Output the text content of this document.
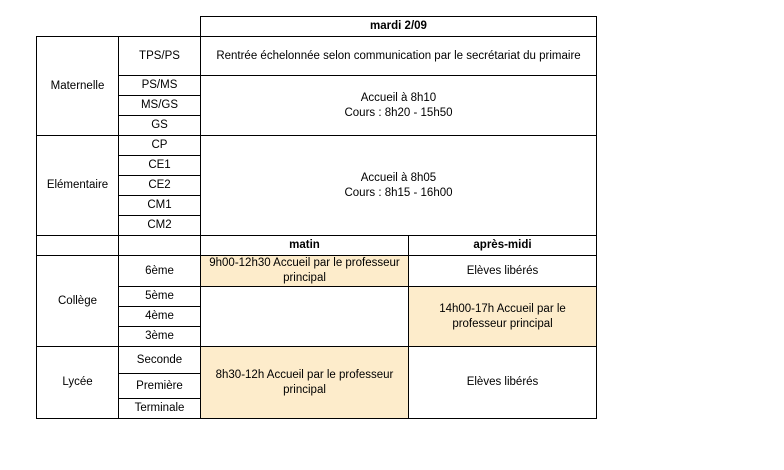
		mardi 2/09	
Maternelle	TPS/PS	Rentrée échelonnée selon communication par le secrétariat du primaire	
	PS/MS	Accueil à 8h10
Cours : 8h20 - 15h50	

	MS/GS		
	GS		
Elémentaire	CP	Accueil à 8h05
Cours : 8h15 - 16h00	

	CE1		
	CE2		
	CM1		
	CM2		
		matin	après-midi
Collège	6ème	9h00-12h30 Accueil par le professeur principal	Elèves libérés
	5ème		14h00-17h Accueil par le professeur principal
	4ème		
	3ème		
Lycée	Seconde	8h30-12h Accueil par le professeur principal	Elèves libérés
	Première		
	Terminale		
